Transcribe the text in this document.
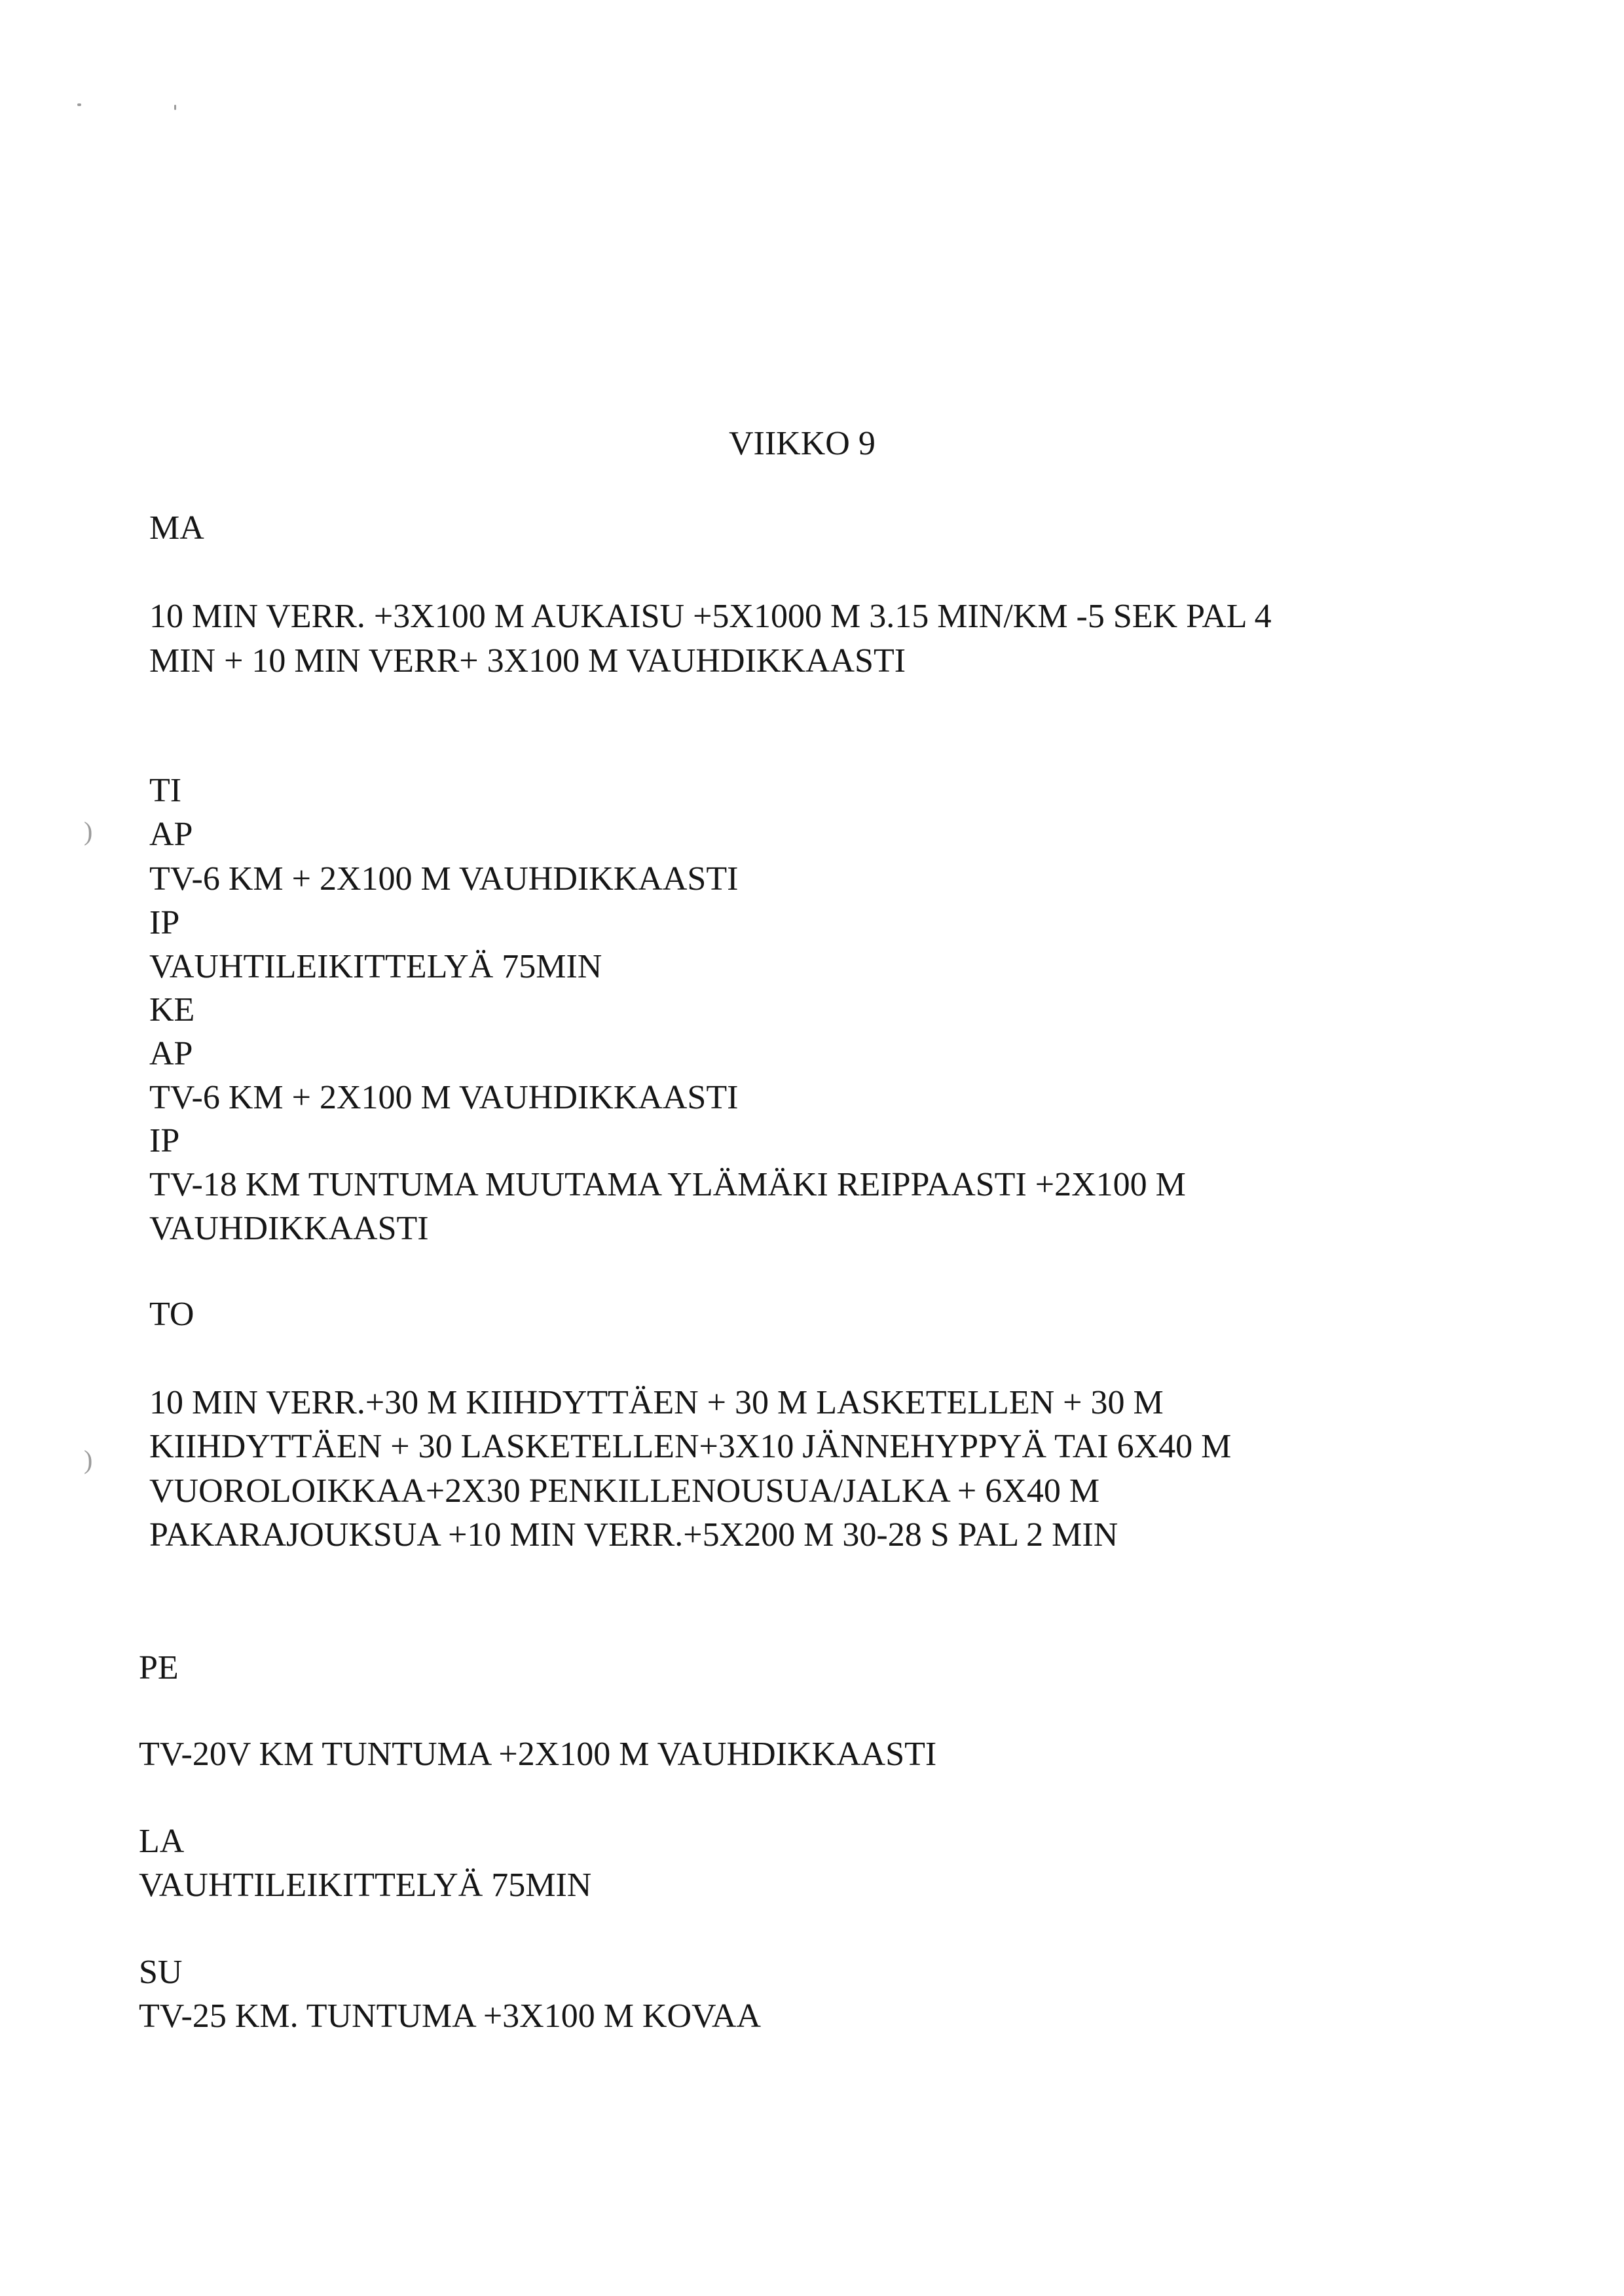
)
)
VIIKKO 9
MA
10 MIN VERR. +3X100 M AUKAISU +5X1000 M 3.15 MIN/KM -5 SEK PAL 4
MIN + 10 MIN VERR+ 3X100 M VAUHDIKKAASTI
TI
AP
TV-6 KM + 2X100 M VAUHDIKKAASTI
IP
VAUHTILEIKITTELYÄ 75MIN
KE
AP
TV-6 KM + 2X100 M VAUHDIKKAASTI
IP
TV-18 KM TUNTUMA MUUTAMA YLÄMÄKI REIPPAASTI +2X100 M
VAUHDIKKAASTI
TO
10 MIN VERR.+30 M KIIHDYTTÄEN + 30 M LASKETELLEN + 30 M
KIIHDYTTÄEN + 30 LASKETELLEN+3X10 JÄNNEHYPPYÄ TAI 6X40 M
VUOROLOIKKAA+2X30 PENKILLENOUSUA/JALKA + 6X40 M
PAKARAJOUKSUA +10 MIN VERR.+5X200 M 30-28 S PAL 2 MIN
PE
TV-20V KM TUNTUMA +2X100 M VAUHDIKKAASTI
LA
VAUHTILEIKITTELYÄ 75MIN
SU
TV-25 KM. TUNTUMA +3X100 M KOVAA
